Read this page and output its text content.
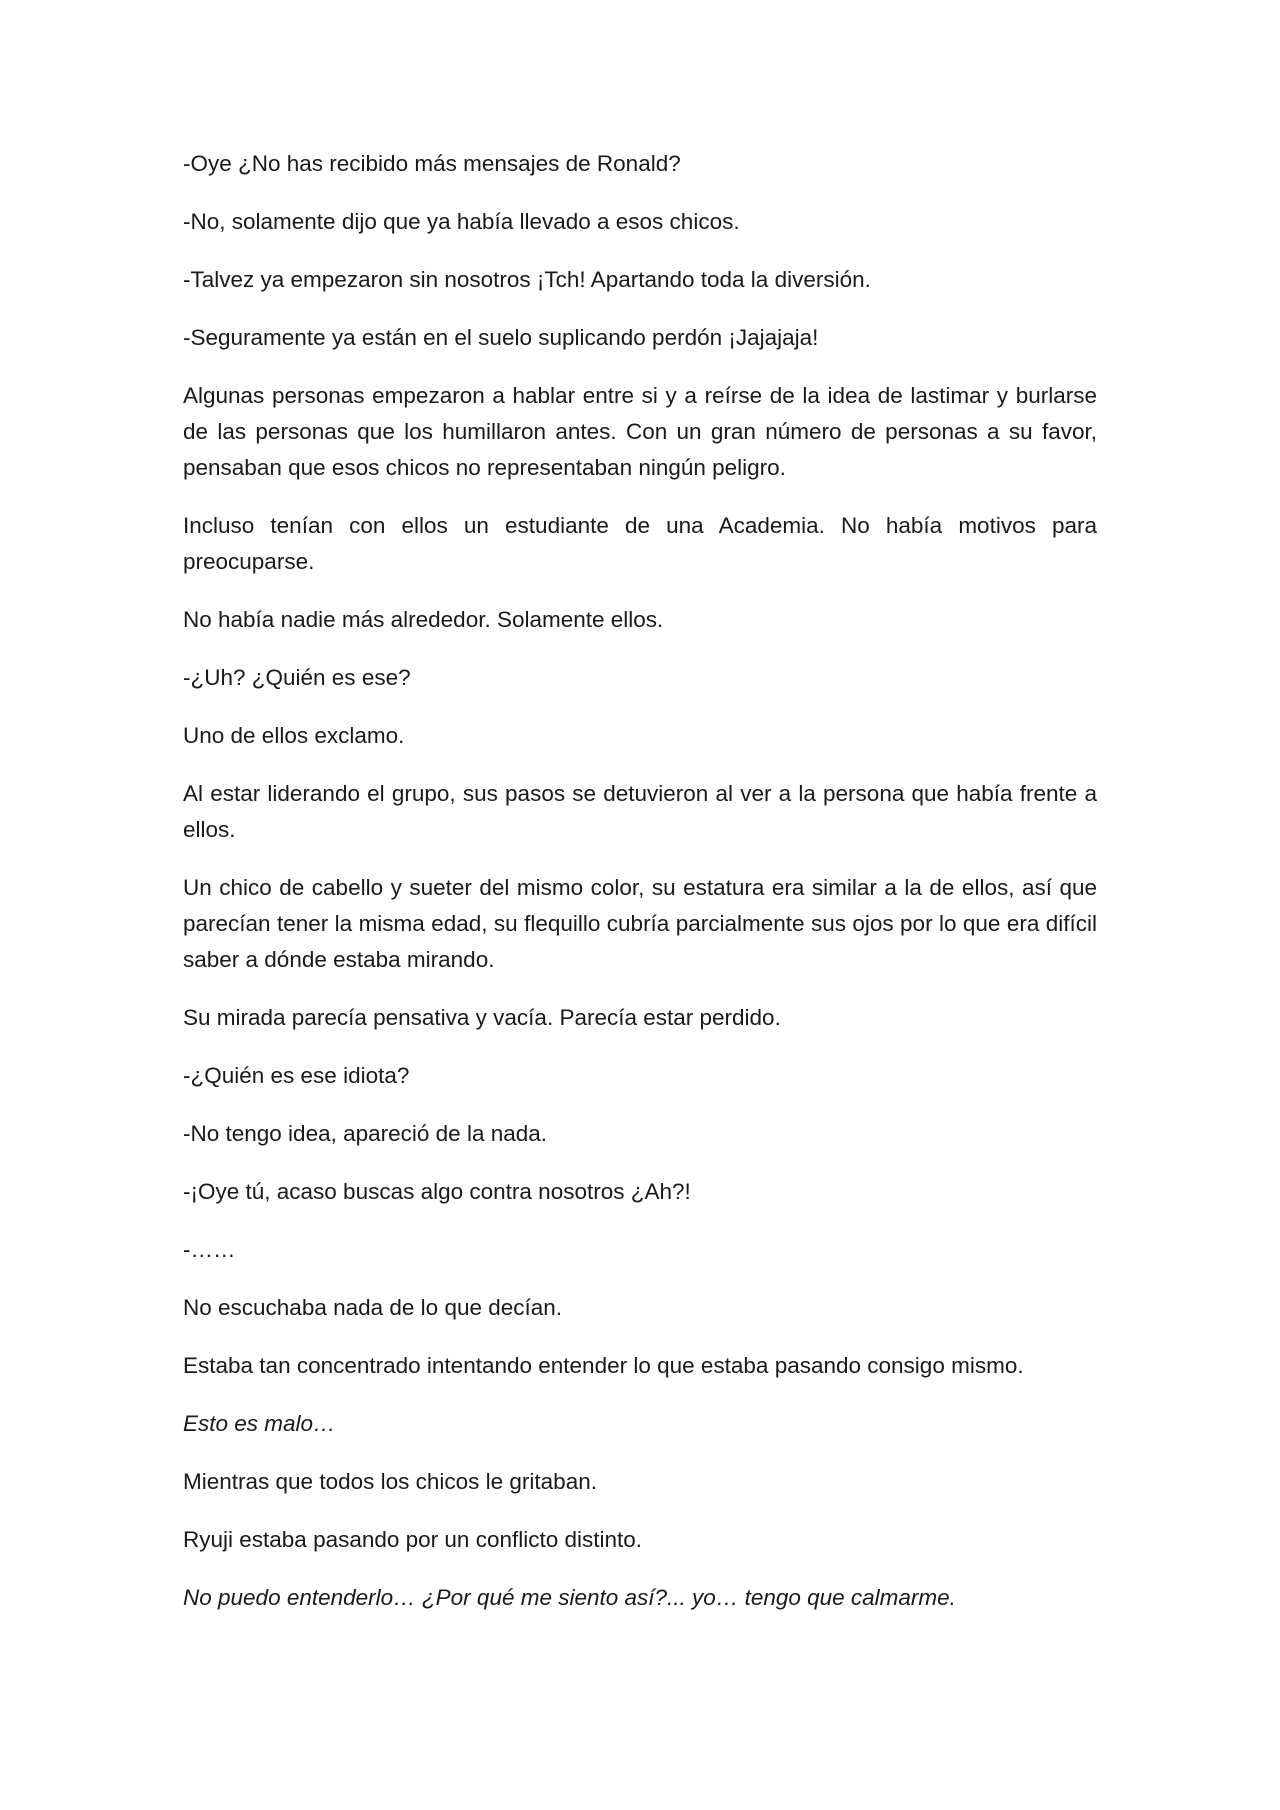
-Oye ¿No has recibido más mensajes de Ronald?

-No, solamente dijo que ya había llevado a esos chicos.

-Talvez ya empezaron sin nosotros ¡Tch! Apartando toda la diversión.

-Seguramente ya están en el suelo suplicando perdón ¡Jajajaja!

Algunas personas empezaron a hablar entre si y a reírse de la idea de lastimar y burlarse de las personas que los humillaron antes. Con un gran número de personas a su favor, pensaban que esos chicos no representaban ningún peligro.

Incluso tenían con ellos un estudiante de una Academia. No había motivos para preocuparse.

No había nadie más alrededor. Solamente ellos.

-¿Uh? ¿Quién es ese?

Uno de ellos exclamo.

Al estar liderando el grupo, sus pasos se detuvieron al ver a la persona que había frente a ellos.

Un chico de cabello y sueter del mismo color, su estatura era similar a la de ellos, así que parecían tener la misma edad, su flequillo cubría parcialmente sus ojos por lo que era difícil saber a dónde estaba mirando.

Su mirada parecía pensativa y vacía. Parecía estar perdido.

-¿Quién es ese idiota?

-No tengo idea, apareció de la nada.

-¡Oye tú, acaso buscas algo contra nosotros ¿Ah?!

-……

No escuchaba nada de lo que decían.

Estaba tan concentrado intentando entender lo que estaba pasando consigo mismo.

Esto es malo…

Mientras que todos los chicos le gritaban.

Ryuji estaba pasando por un conflicto distinto.

No puedo entenderlo… ¿Por qué me siento así?... yo… tengo que calmarme.
